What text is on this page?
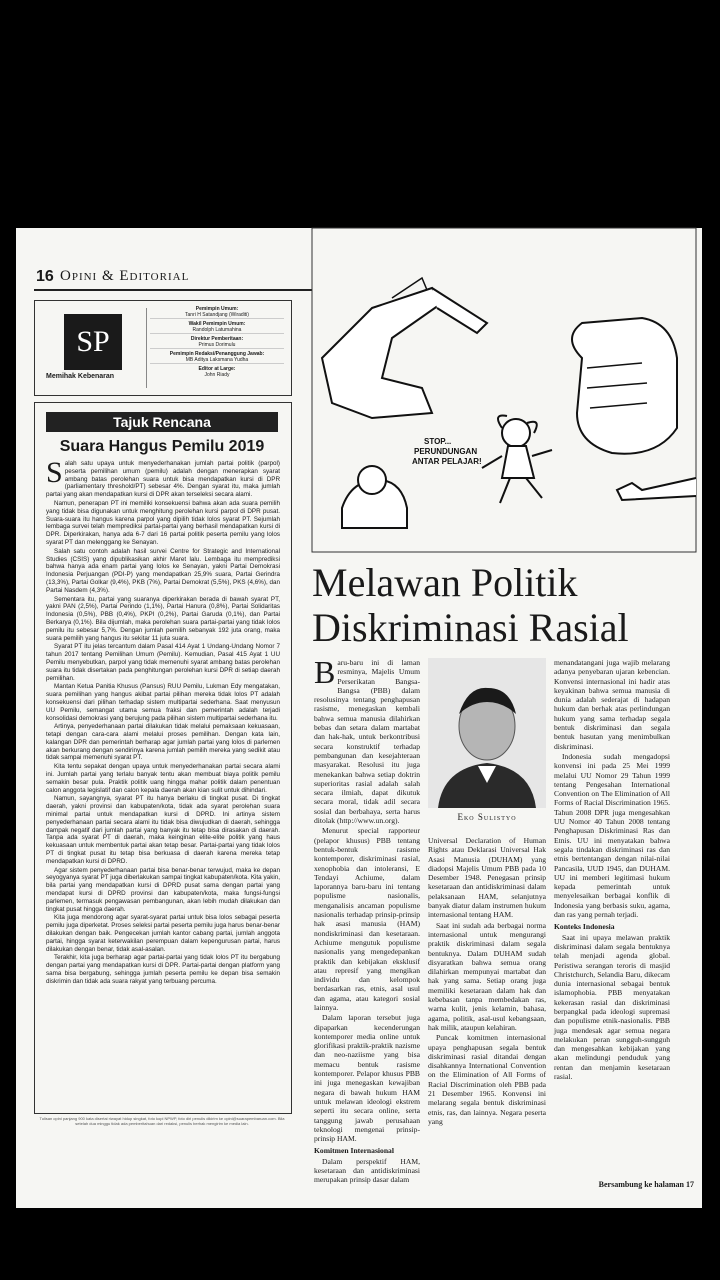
16 Opini & Editorial
SP
Memihak Kebenaran
Pemimpin Umum:
Tanri H Satandjang (Wiraditi)
Wakil Pemimpin Umum:
Randolph Latumahina
Direktur Pemberitaan:
Primus Dorimulu
Pemimpin Redaksi/Penanggung Jawab:
MB Aditya Laksmana Yudha
Editor at Large:
John Riady
Tajuk Rencana
Suara Hangus Pemilu 2019

Salah satu upaya untuk menyederhanakan jumlah partai politik (parpol) peserta pemilihan umum (pemilu) adalah dengan menerapkan syarat ambang batas perolehan suara untuk bisa mendapatkan kursi di DPR (parliamentary threshold/PT) sebesar 4%. Dengan syarat itu, maka jumlah partai yang akan mendapatkan kursi di DPR akan terseleksi secara alami.

Namun, penerapan PT ini memiliki konsekuensi bahwa akan ada suara pemilih yang tidak bisa digunakan untuk menghitung perolehan kursi parpol di DPR pusat. Suara-suara itu hangus karena parpol yang dipilih tidak lolos syarat PT. Sejumlah lembaga survei telah memprediksi partai-partai yang berhasil mendapatkan kursi di DPR. Diperkirakan, hanya ada 6-7 dari 16 partai politik peserta pemilu yang lolos syarat PT dan melenggang ke Senayan.

Salah satu contoh adalah hasil survei Centre for Strategic and International Studies (CSIS) yang dipublikasikan akhir Maret lalu. Lembaga itu memprediksi bahwa hanya ada enam partai yang lolos ke Senayan, yakni Partai Demokrasi Indonesia Perjuangan (PDI-P) yang mendapatkan 25,9% suara, Partai Gerindra (13,3%), Partai Golkar (9,4%), PKB (7%), Partai Demokrat (5,5%), PKS (4,6%), dan Partai Nasdem (4,3%).

Sementara itu, partai yang suaranya diperkirakan berada di bawah syarat PT, yakni PAN (2,5%), Partai Perindo (1,1%), Partai Hanura (0,8%), Partai Solidaritas Indonesia (0,5%), PBB (0,4%), PKPI (0,2%), Partai Garuda (0,1%), dan Partai Berkarya (0,1%). Bila dijumlah, maka perolehan suara partai-partai yang tidak lolos pemilu itu sebesar 5,7%. Dengan jumlah pemilih sebanyak 192 juta orang, maka suara pemilih yang hangus itu sekitar 11 juta suara.

Syarat PT itu jelas tercantum dalam Pasal 414 Ayat 1 Undang-Undang Nomor 7 tahun 2017 tentang Pemilihan Umum (Pemilu). Kemudian, Pasal 415 Ayat 1 UU Pemilu menyebutkan, parpol yang tidak memenuhi syarat ambang batas perolehan suara itu tidak disertakan pada penghitungan perolehan kursi DPR di setiap daerah pemilihan.

Mantan Ketua Panitia Khusus (Pansus) RUU Pemilu, Lukman Edy mengatakan, suara pemilihan yang hangus akibat partai pilihan mereka tidak lolos PT adalah konsekuensi dari pilihan terhadap sistem multipartai sederhana. Saat menyusun UU Pemilu, semangat utama semua fraksi dan pemerintah adalah terjadi konsolidasi demokrasi yang berujung pada pilihan sistem multipartai sederhana itu.

Artinya, penyederhanaan partai dilakukan tidak melalui pemaksaan kekuasaan, tetapi dengan cara-cara alami melalui proses pemilihan. Dengan kata lain, kalangan DPR dan pemerintah berharap agar jumlah partai yang lolos di parlemen akan berkurang dengan sendirinya karena jumlah pemilih mereka yang sedikit atau tidak sampai memenuhi syarat PT.

Kita tentu sepakat dengan upaya untuk menyederhanakan partai secara alami ini. Jumlah partai yang terlalu banyak tentu akan membuat biaya politik pemilu semakin besar pula. Praktik politik uang hingga mahar politik dalam penentuan calon anggota legislatif dan calon kepala daerah akan kian sulit untuk dihindari.

Namun, sayangnya, syarat PT itu hanya berlaku di tingkat pusat. Di tingkat daerah, yakni provinsi dan kabupaten/kota, tidak ada syarat perolehan suara minimal partai untuk mendapatkan kursi di DPRD. Ini artinya sistem penyederhanaan partai secara alami itu tidak bisa diwujudkan di daerah, sehingga dampak negatif dari jumlah partai yang banyak itu tetap bisa dirasakan di daerah. Tanpa ada syarat PT di daerah, maka keinginan elite-elite politik yang haus kekuasaan untuk membentuk partai akan tetap besar. Partai-partai yang tidak lolos PT di tingkat pusat itu tetap bisa berkuasa di daerah karena mereka tetap mendapatkan kursi di DPRD.

Agar sistem penyederhanaan partai bisa benar-benar terwujud, maka ke depan seyogyanya syarat PT juga diberlakukan sampai tingkat kabupaten/kota. Kita yakin, bila partai yang mendapatkan kursi di DPRD pusat sama dengan partai yang mendapat kursi di DPRD provinsi dan kabupaten/kota, maka fungsi-fungsi parlemen, termasuk pengawasan pembangunan, akan lebih mudah dilakukan dan tingkat pusat hingga daerah.

Kita juga mendorong agar syarat-syarat partai untuk bisa lolos sebagai peserta pemilu juga diperketat. Proses seleksi partai peserta pemilu juga harus benar-benar dilakukan dengan baik. Pengecekan jumlah kantor cabang partai, jumlah anggota partai, hingga syarat keterwakilan perempuan dalam kepengurusan partai, harus dilakukan dengan benar, tidak asal-asalan.

Terakhir, kita juga berharap agar partai-partai yang tidak lolos PT itu bergabung dengan partai yang mendapatkan kursi di DPR. Partai-partai dengan platform yang sama bisa bergabung, sehingga jumlah peserta pemilu ke depan bisa semakin diskrimin dan tidak ada suara rakyat yang terbuang percuma.

Tulisan opini panjang 900 kata disertai riwayat hidup singkat, foto kopi NPWP, foto diri penulis dikirim ke opini@suarapembaruan.com. Bila setelah dua minggu tidak ada pemberitahuan dari redaksi, penulis berhak mengirim ke media lain.
STOP... PERUNDUNGAN ANTAR PELAJAR!
Melawan Politik
Diskriminasi Rasial

Baru-baru ini di laman resminya, Majelis Umum Perserikatan Bangsa-Bangsa (PBB) dalam resolusinya tentang penghapusan rasisme, menegaskan kembali bahwa semua manusia dilahirkan bebas dan setara dalam martabat dan hak-hak, untuk berkontribusi secara konstruktif terhadap pembangunan dan kesejahteraan masyarakat. Resolusi itu juga menekankan bahwa setiap doktrin superioritas rasial adalah salah secara ilmiah, dapat dikutuk secara moral, tidak adil secara sosial dan berbahaya, serta harus ditolak (http://www.un.org).

Menurut special rapporteur (pelapor khusus) PBB tentang bentuk-bentuk rasisme kontemporer, diskriminasi rasial, xenophobia dan intoleransi, E Tendayi Achiume, dalam laporannya baru-baru ini tentang populisme nasionalis, menganalisis ancaman populisme nasionalis terhadap prinsip-prinsip hak asasi manusia (HAM) nondiskriminasi dan kesetaraan. Achiume mengutuk populisme nasionalis yang mengedepankan praktik dan kebijakan eksklusif atau represif yang mengikan individu dan kelompok berdasarkan ras, etnis, asal usul dan agama, atau kategori sosial lainnya.

Dalam laporan tersebut juga dipaparkan kecenderungan kontemporer media online untuk glorifikasi praktik-praktik nazisme dan neo-naziisme yang bisa memacu bentuk rasisme kontemporer. Pelapor khusus PBB ini juga menegaskan kewajiban negara di bawah hukum HAM untuk melawan ideologi ekstrem seperti itu secara online, serta tanggung jawab perusahaan teknologi mengenai prinsip-prinsip HAM.

Komitmen Internasional

Dalam perspektif HAM, kesetaraan dan antidiskriminasi merupakan prinsip dasar dalam

Eko Sulistyo

Universal Declaration of Human Rights atau Deklarasi Universal Hak Asasi Manusia (DUHAM) yang diadopsi Majelis Umum PBB pada 10 Desember 1948. Penegasan prinsip kesetaraan dan antidiskriminasi dalam pelaksanaan HAM, selanjutnya banyak diatur dalam instrumen hukum internasional tentang HAM.

Saat ini sudah ada berbagai norma internasional untuk mengurangi praktik diskriminasi dalam segala bentuknya. Dalam DUHAM sudah disyaratkan bahwa semua orang dilahirkan mempunyai martabat dan hak yang sama. Setiap orang juga memiliki kesetaraan dalam hak dan kebebasan tanpa membedakan ras, warna kulit, jenis kelamin, bahasa, agama, politik, asal-usul kebangsaan, hak milik, ataupun kelahiran.

Puncak komitmen internasional upaya penghapusan segala bentuk diskriminasi rasial ditandai dengan disahkannya International Convention on the Elimination of All Forms of Racial Discrimination oleh PBB pada 21 Desember 1965. Konvensi ini melarang segala bentuk diskriminasi etnis, ras, dan lainnya. Negara peserta yang

menandatangani juga wajib melarang adanya penyebaran ujaran kebencian. Konvensi internasional ini hadir atas keyakinan bahwa semua manusia di dunia adalah sederajat di hadapan hukum dan berhak atas perlindungan hukum yang sama terhadap segala bentuk diskriminasi dan segala bentuk hasutan yang menimbulkan diskriminasi.

Indonesia sudah mengadopsi konvensi ini pada 25 Mei 1999 melalui UU Nomor 29 Tahun 1999 tentang Pengesahan International Convention on The Elimination of All Forms of Racial Discrimination 1965. Tahun 2008 DPR juga mengesahkan UU Nomor 40 Tahun 2008 tentang Penghapusan Diskriminasi Ras dan Etnis. UU ini menyatakan bahwa segala tindakan diskriminasi ras dan etnis bertentangan dengan nilai-nilai Pancasila, UUD 1945, dan DUHAM. UU ini memberi legitimasi hukum kepada pemerintah untuk menyelesaikan berbagai konflik di Indonesia yang berbasis suku, agama, dan ras yang pernah terjadi.

Konteks Indonesia

Saat ini upaya melawan praktik diskriminasi dalam segala bentuknya telah menjadi agenda global. Peristiwa serangan teroris di masjid Christchurch, Selandia Baru, dikecam dunia internasional sebagai bentuk islamophobia. PBB menyatakan kekerasan rasial dan diskriminasi berpangkal pada ideologi supremasi dan populisme etnik-nasionalis. PBB juga mendesak agar semua negara melakukan peran sungguh-sungguh dan mengesahkan kebijakan yang akan melindungi penduduk yang rentan dan menjamin kesetaraan rasial.

Bersambung ke halaman 17
